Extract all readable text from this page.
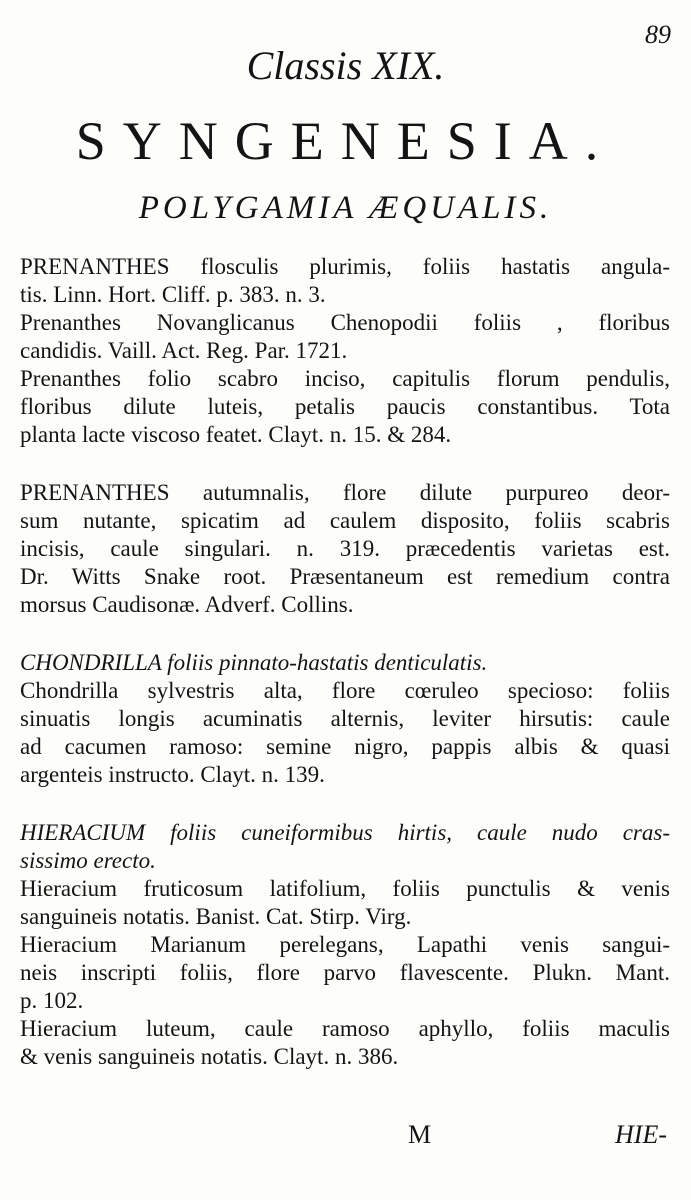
89
Classis XIX.
SYNGENESIA.
POLYGAMIA ÆQUALIS.
PRENANTHES flosculis plurimis, foliis hastatis angula-
tis. Linn. Hort. Cliff. p. 383. n. 3.
Prenanthes Novanglicanus Chenopodii foliis , floribus
candidis. Vaill. Act. Reg. Par. 1721.
Prenanthes folio scabro inciso, capitulis florum pendulis,
floribus dilute luteis, petalis paucis constantibus. Tota
planta lacte viscoso featet. Clayt. n. 15. & 284.
PRENANTHES autumnalis, flore dilute purpureo deor-
sum nutante, spicatim ad caulem disposito, foliis scabris
incisis, caule singulari. n. 319. præcedentis varietas est.
Dr. Witts Snake root. Præsentaneum est remedium contra
morsus Caudisonæ. Adverf. Collins.
CHONDRILLA foliis pinnato-hastatis denticulatis.
Chondrilla sylvestris alta, flore cœruleo specioso: foliis
sinuatis longis acuminatis alternis, leviter hirsutis: caule
ad cacumen ramoso: semine nigro, pappis albis & quasi
argenteis instructo. Clayt. n. 139.
HIERACIUM foliis cuneiformibus hirtis, caule nudo cras-
sissimo erecto.
Hieracium fruticosum latifolium, foliis punctulis & venis
sanguineis notatis. Banist. Cat. Stirp. Virg.
Hieracium Marianum perelegans, Lapathi venis sangui-
neis inscripti foliis, flore parvo flavescente. Plukn. Mant.
p. 102.
Hieracium luteum, caule ramoso aphyllo, foliis maculis
& venis sanguineis notatis. Clayt. n. 386.
M	HIE-
